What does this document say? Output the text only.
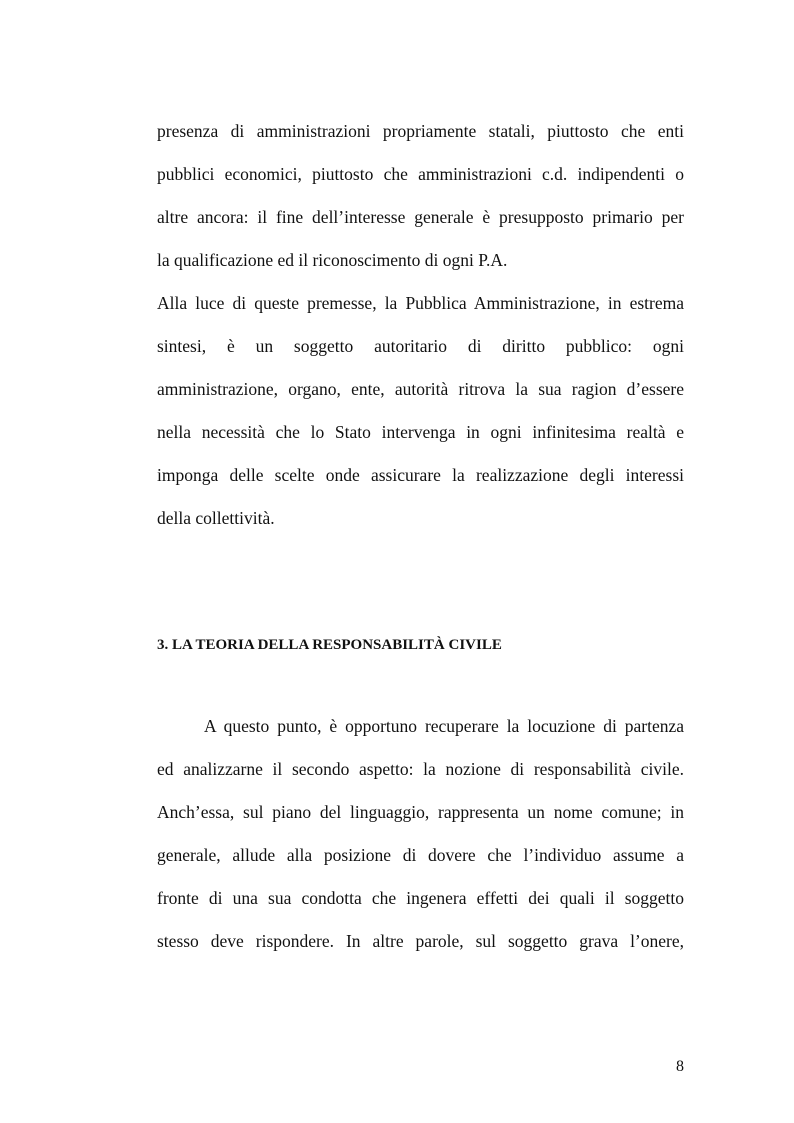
presenza di amministrazioni propriamente statali, piuttosto che enti
pubblici economici, piuttosto che amministrazioni c.d. indipendenti o
altre ancora: il fine dell’interesse generale è presupposto primario per
la qualificazione ed il riconoscimento di ogni P.A.
Alla luce di queste premesse, la Pubblica Amministrazione, in estrema
sintesi, è un soggetto autoritario di diritto pubblico: ogni
amministrazione, organo, ente, autorità ritrova la sua ragion d’essere
nella necessità che lo Stato intervenga in ogni infinitesima realtà e
imponga delle scelte onde assicurare la realizzazione degli interessi
della collettività.
A questo punto, è opportuno recuperare la locuzione di partenza
ed analizzarne il secondo aspetto: la nozione di responsabilità civile.
Anch’essa, sul piano del linguaggio, rappresenta un nome comune; in
generale, allude alla posizione di dovere che l’individuo assume a
fronte di una sua condotta che ingenera effetti dei quali il soggetto
stesso deve rispondere. In altre parole, sul soggetto grava l’onere,
3. LA TEORIA DELLA RESPONSABILITÀ CIVILE
8
